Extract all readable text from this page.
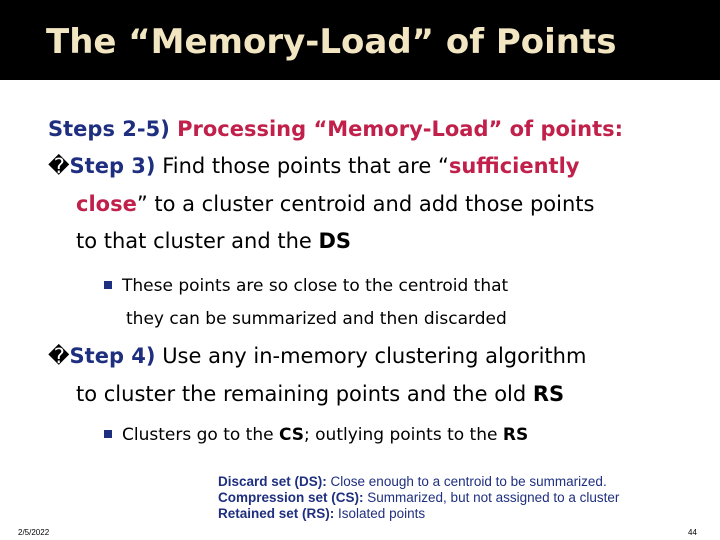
The “Memory-Load” of Points
Steps 2-5) Processing “Memory-Load” of points:
�Step 3) Find those points that are “sufficiently
close” to a cluster centroid and add those points
to that cluster and the DS
These points are so close to the centroid that
they can be summarized and then discarded
�Step 4) Use any in-memory clustering algorithm
to cluster the remaining points and the old RS
Clusters go to the CS; outlying points to the RS
Discard set (DS): Close enough to a centroid to be summarized.
Compression set (CS): Summarized, but not assigned to a cluster
Retained set (RS): Isolated points
2/5/2022	44
